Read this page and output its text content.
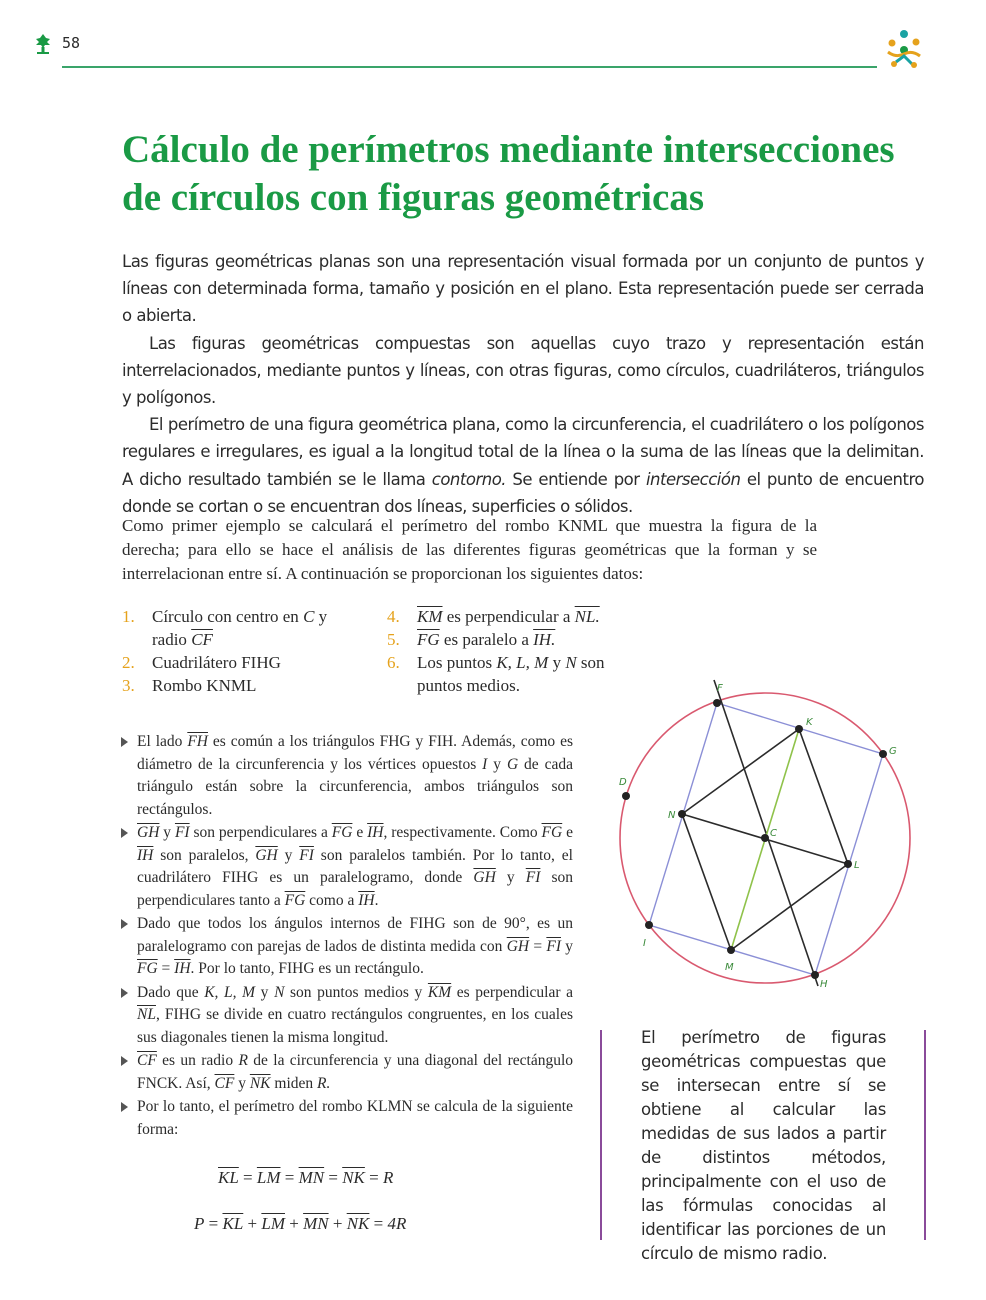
58
Cálculo de perímetros mediante intersecciones
de círculos con figuras geométricas

Las figuras geométricas planas son una representación visual formada por un conjunto de puntos y líneas con determinada forma, tamaño y posición en el plano. Esta representación puede ser cerrada o abierta.

Las figuras geométricas compuestas son aquellas cuyo trazo y representación están interrelacionados, mediante puntos y líneas, con otras figuras, como círculos, cuadriláteros, triángulos y polígonos.

El perímetro de una figura geométrica plana, como la circunferencia, el cuadrilátero o los polígonos regulares e irregulares, es igual a la longitud total de la línea o la suma de las líneas que la delimitan. A dicho resultado también se le llama contorno. Se entiende por intersección el punto de encuentro donde se cortan o se encuentran dos líneas, superficies o sólidos.

Como primer ejemplo se calculará el perímetro del rombo KNML que muestra la figura de la derecha; para ello se hace el análisis de las diferentes figuras geométricas que la forman y se interrelacionan entre sí. A continuación se proporcionan los siguientes datos:
1. Círculo con centro en C y
radio $\overline{CF}$
2. Cuadrilátero FIHG
3. Rombo KNML
4. $\overline{KM}$ es perpendicular a NL.
5. $\overline{FG}$ es paralelo a IH.
6. Los puntos K, L, M y N son
puntos medios.
El lado $\overline{FH}$ es común a los triángulos FHG y FIH. Además, como es diámetro de la circunferencia y los vértices opuestos I y G de cada triángulo están sobre la circunferencia, ambos triángulos son rectángulos.
$\overline{GH}$ y $\overline{FI}$ son perpendiculares a $\overline{FG}$ e $\overline{IH}$, respectivamente. Como $\overline{FG}$ e $\overline{IH}$ son paralelos, $\overline{GH}$ y $\overline{FI}$ son paralelos también. Por lo tanto, el cuadrilátero FIHG es un paralelogramo, donde $\overline{GH}$ y $\overline{FI}$ son perpendiculares tanto a $\overline{FG}$ como a $\overline{IH}$.
Dado que todos los ángulos internos de FIHG son de 90°, es un paralelogramo con parejas de lados de distinta medida con $\overline{GH} = \overline{FI}$ y $\overline{FG} = \overline{IH}$. Por lo tanto, FIHG es un rectángulo.
Dado que K, L, M y N son puntos medios y $\overline{KM}$ es perpendicular a $\overline{NL}$, FIHG se divide en cuatro rectángulos congruentes, en los cuales sus diagonales tienen la misma longitud.
$\overline{CF}$ es un radio R de la circunferencia y una diagonal del rectángulo FNCK. Así, $\overline{CF}$ y $\overline{NK}$ miden R.
Por lo tanto, el perímetro del rombo KLMN se calcula de la siguiente forma:
$\overline{KL} = \overline{LM} = \overline{MN} = \overline{NK} = R$
$P = \overline{KL} + \overline{LM} + \overline{MN} + \overline{NK} = 4R$
El perímetro de figuras geométricas compuestas que se intersecan entre sí se obtiene al calcular las medidas de sus lados a partir de distintos métodos, principalmente con el uso de las fórmulas conocidas al identificar las porciones de un círculo de mismo radio.
F
K
G
D
N
C
L
I
M
H
